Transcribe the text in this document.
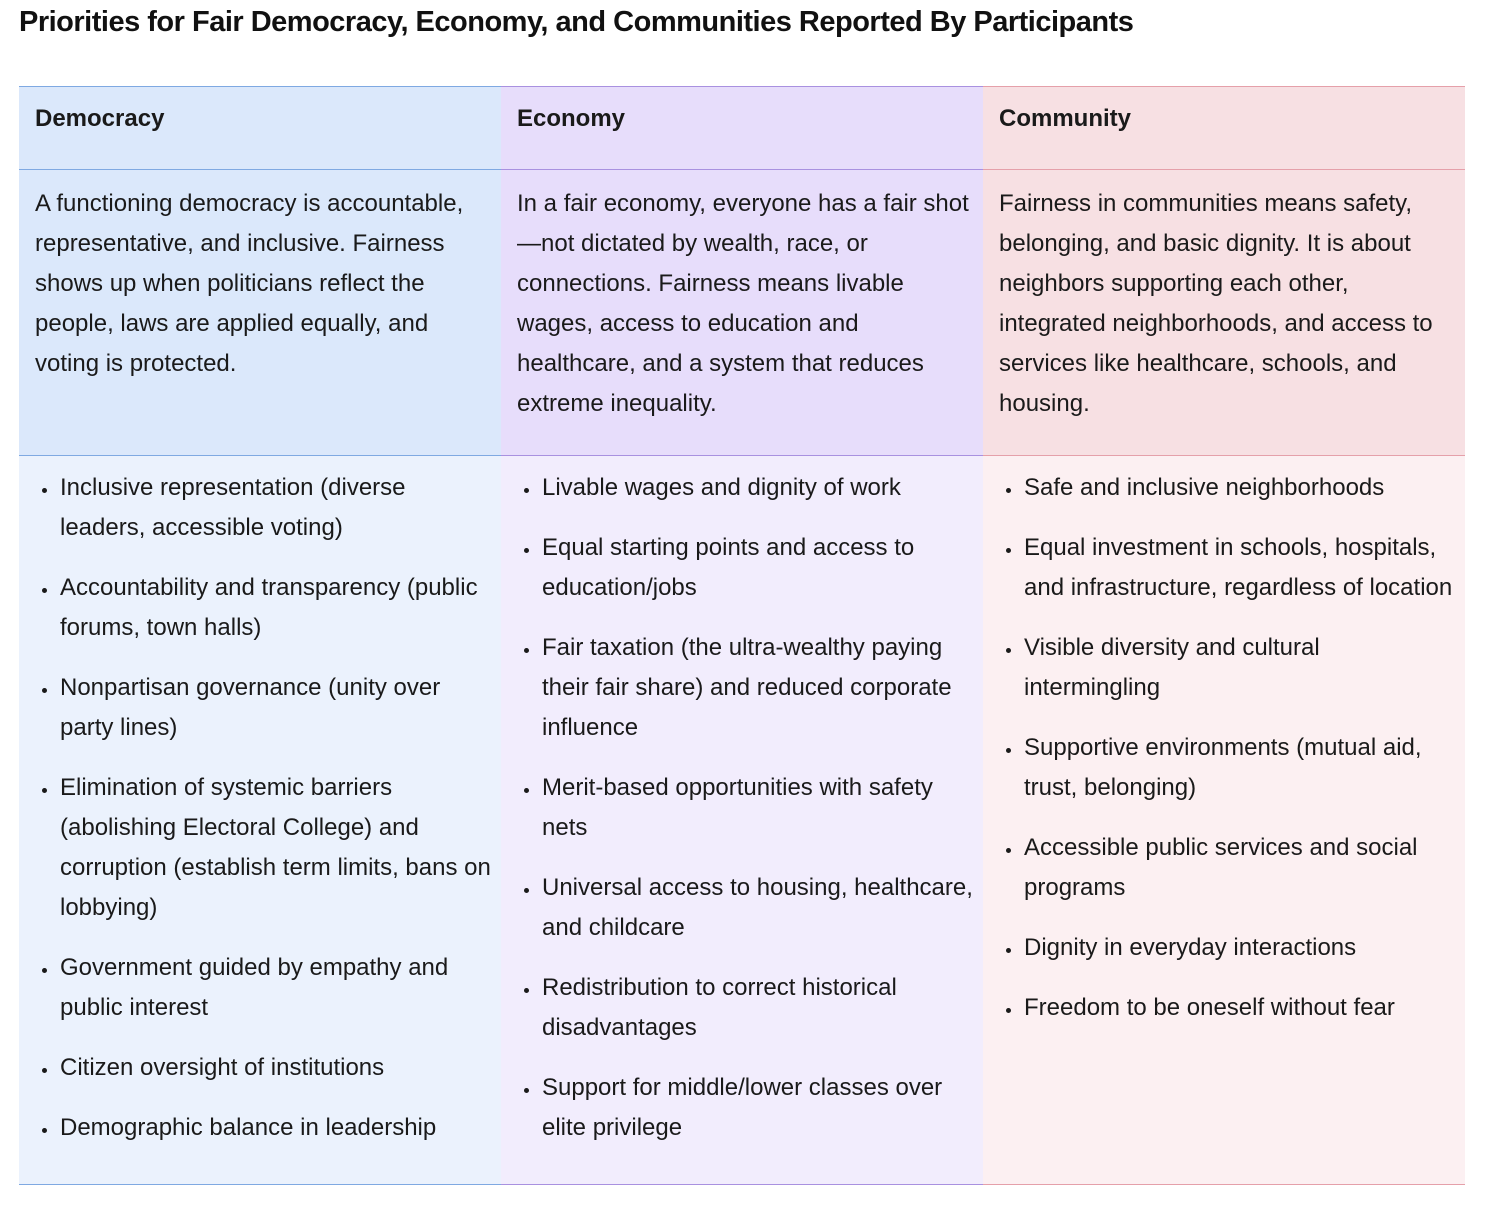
Priorities for Fair Democracy, Economy, and Communities Reported By Participants
Democracy
A functioning democracy is accountable, representative, and inclusive. Fairness shows up when politicians reflect the people, laws are applied equally, and voting is protected.
• Inclusive representation (diverse leaders, accessible voting)
• Accountability and transparency (public forums, town halls)
• Nonpartisan governance (unity over party lines)
• Elimination of systemic barriers (abolishing Electoral College) and corruption (establish term limits, bans on lobbying)
• Government guided by empathy and public interest
• Citizen oversight of institutions
• Demographic balance in leadership
Economy
In a fair economy, everyone has a fair shot—not dictated by wealth, race, or connections. Fairness means livable wages, access to education and healthcare, and a system that reduces extreme inequality.
• Livable wages and dignity of work
• Equal starting points and access to education/jobs
• Fair taxation (the ultra-wealthy paying their fair share) and reduced corporate influence
• Merit-based opportunities with safety nets
• Universal access to housing, healthcare, and childcare
• Redistribution to correct historical disadvantages
• Support for middle/lower classes over elite privilege
Community
Fairness in communities means safety, belonging, and basic dignity. It is about neighbors supporting each other, integrated neighborhoods, and access to services like healthcare, schools, and housing.
• Safe and inclusive neighborhoods
• Equal investment in schools, hospitals, and infrastructure, regardless of location
• Visible diversity and cultural intermingling
• Supportive environments (mutual aid, trust, belonging)
• Accessible public services and social programs
• Dignity in everyday interactions
• Freedom to be oneself without fear
